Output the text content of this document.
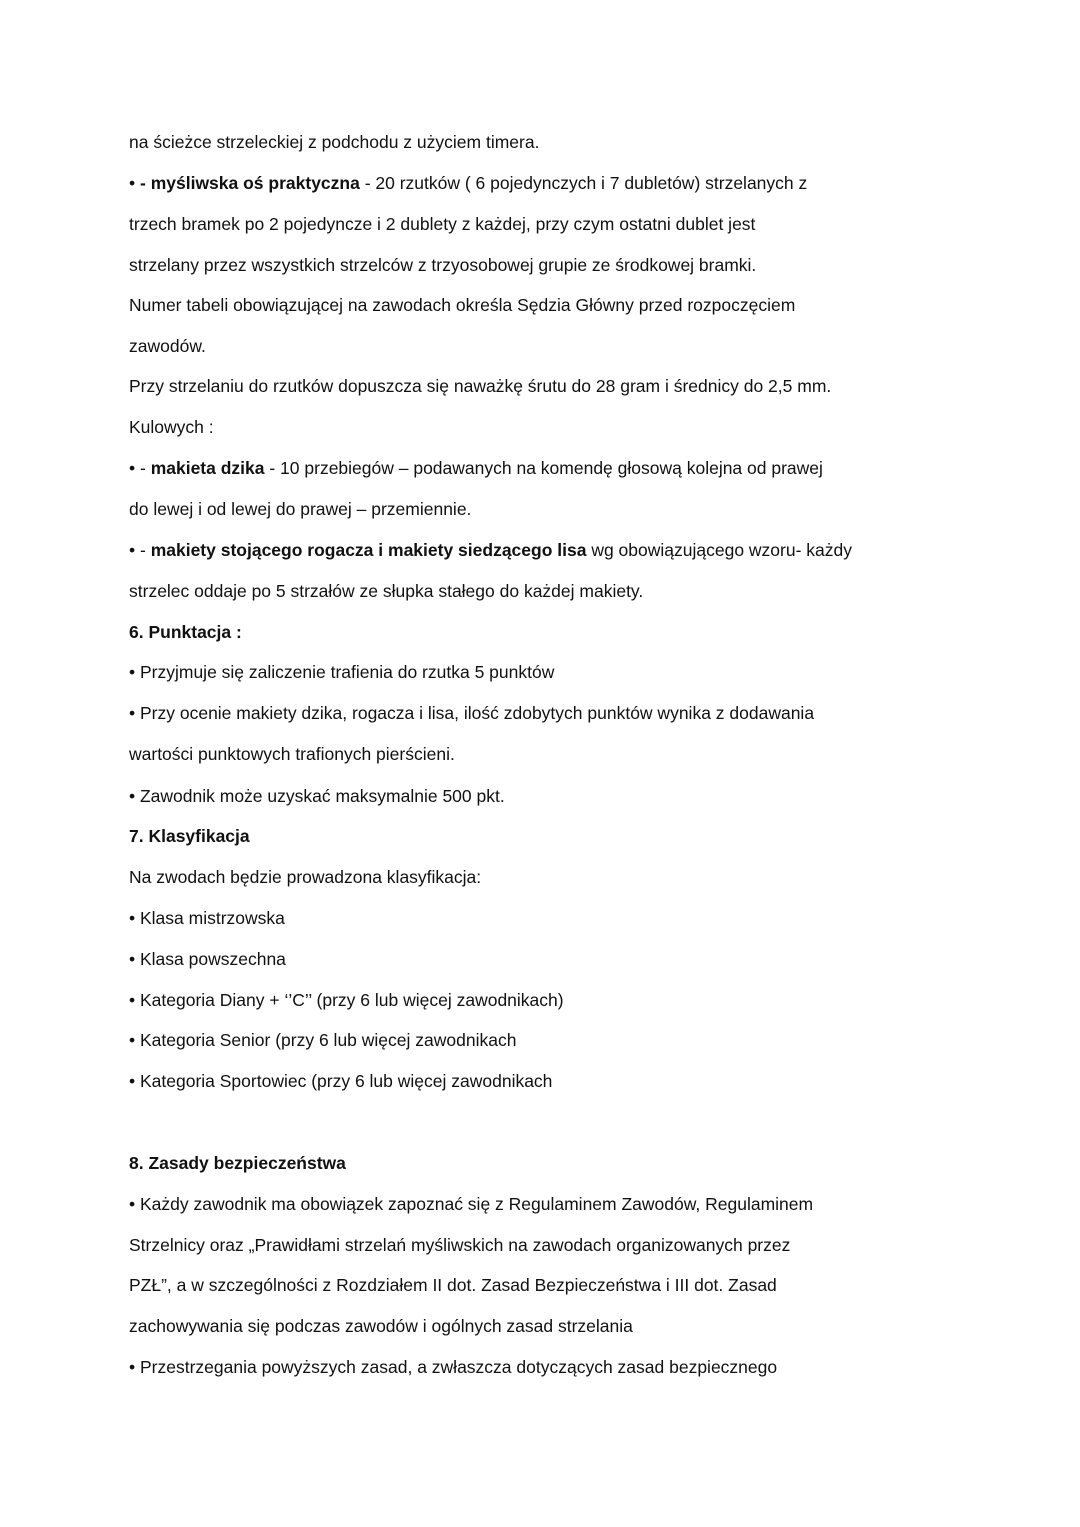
na ścieżce strzeleckiej z podchodu z użyciem timera.
• - myśliwska oś praktyczna - 20 rzutków ( 6 pojedynczych i 7 dubletów) strzelanych z
trzech bramek po 2 pojedyncze i 2 dublety z każdej, przy czym ostatni dublet jest
strzelany przez wszystkich strzelców z trzyosobowej grupie ze środkowej bramki.
Numer tabeli obowiązującej na zawodach określa Sędzia Główny przed rozpoczęciem
zawodów.
Przy strzelaniu do rzutków dopuszcza się naważkę śrutu do 28 gram i średnicy do 2,5 mm.
Kulowych :
• - makieta dzika - 10 przebiegów – podawanych na komendę głosową kolejna od prawej
do lewej i od lewej do prawej – przemiennie.
• - makiety stojącego rogacza i makiety siedzącego lisa wg obowiązującego wzoru- każdy
strzelec oddaje po 5 strzałów ze słupka stałego do każdej makiety.
6. Punktacja :
• Przyjmuje się zaliczenie trafienia do rzutka 5 punktów
• Przy ocenie makiety dzika, rogacza i lisa, ilość zdobytych punktów wynika z dodawania
wartości punktowych trafionych pierścieni.
• Zawodnik może uzyskać maksymalnie 500 pkt.
7. Klasyfikacja
Na zwodach będzie prowadzona klasyfikacja:
• Klasa mistrzowska
• Klasa powszechna
• Kategoria Diany + ‘’C’’ (przy 6 lub więcej zawodnikach)
• Kategoria Senior (przy 6 lub więcej zawodnikach
• Kategoria Sportowiec (przy 6 lub więcej zawodnikach
8. Zasady bezpieczeństwa
• Każdy zawodnik ma obowiązek zapoznać się z Regulaminem Zawodów, Regulaminem
Strzelnicy oraz „Prawidłami strzelań myśliwskich na zawodach organizowanych przez
PZŁ”, a w szczególności z Rozdziałem II dot. Zasad Bezpieczeństwa i III dot. Zasad
zachowywania się podczas zawodów i ogólnych zasad strzelania
• Przestrzegania powyższych zasad, a zwłaszcza dotyczących zasad bezpiecznego
